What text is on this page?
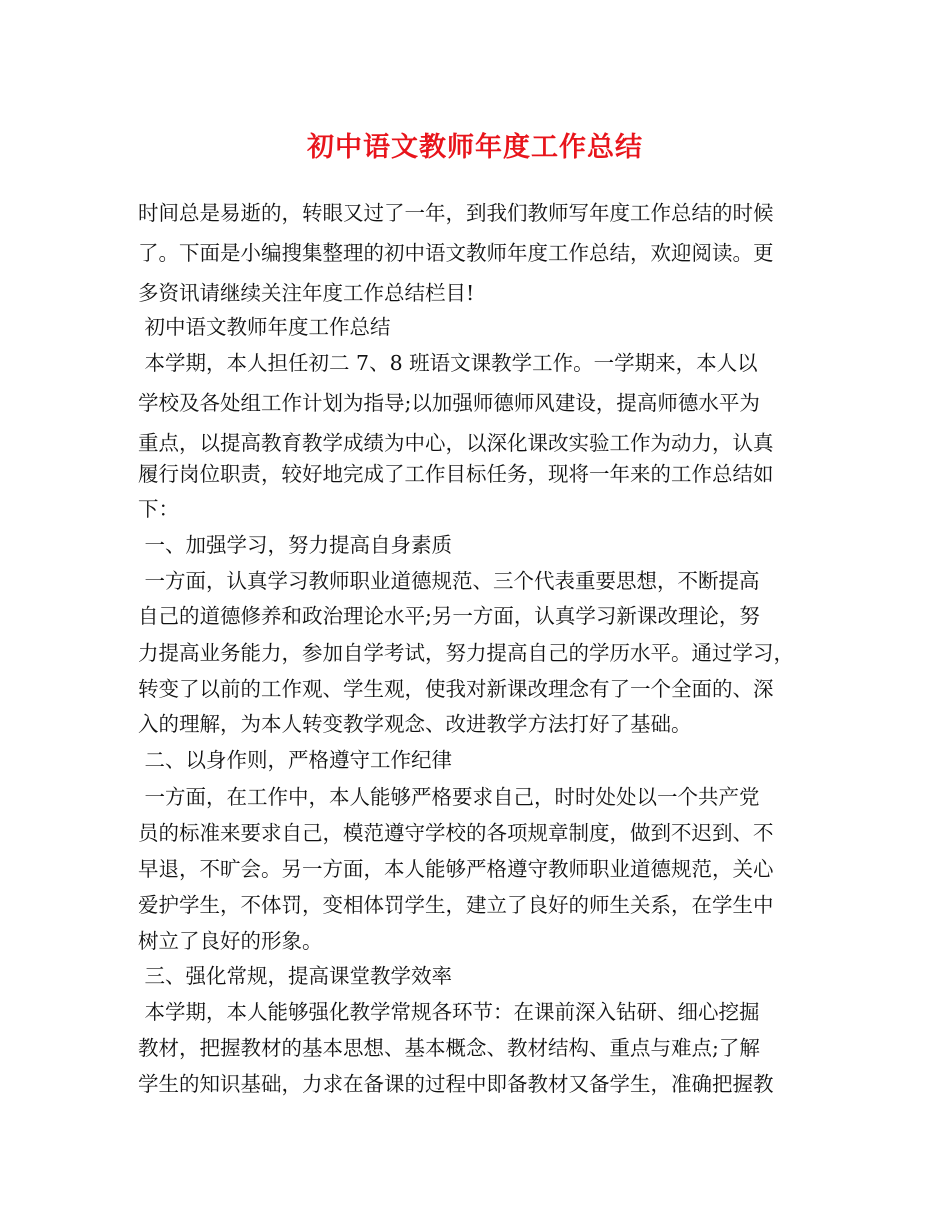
初中语文教师年度工作总结
时间总是易逝的，转眼又过了一年，到我们教师写年度工作总结的时候
了。下面是小编搜集整理的初中语文教师年度工作总结，欢迎阅读。更
多资讯请继续关注年度工作总结栏目!
初中语文教师年度工作总结
本学期，本人担任初二 7、8 班语文课教学工作。一学期来，本人以
学校及各处组工作计划为指导;以加强师德师风建设，提高师德水平为
重点，以提高教育教学成绩为中心，以深化课改实验工作为动力，认真
履行岗位职责，较好地完成了工作目标任务，现将一年来的工作总结如
下：
一、加强学习，努力提高自身素质
一方面，认真学习教师职业道德规范、三个代表重要思想，不断提高
自己的道德修养和政治理论水平;另一方面，认真学习新课改理论，努
力提高业务能力，参加自学考试，努力提高自己的学历水平。通过学习，
转变了以前的工作观、学生观，使我对新课改理念有了一个全面的、深
入的理解，为本人转变教学观念、改进教学方法打好了基础。
二、以身作则，严格遵守工作纪律
一方面，在工作中，本人能够严格要求自己，时时处处以一个共产党
员的标准来要求自己，模范遵守学校的各项规章制度，做到不迟到、不
早退，不旷会。另一方面，本人能够严格遵守教师职业道德规范，关心
爱护学生，不体罚，变相体罚学生，建立了良好的师生关系，在学生中
树立了良好的形象。
三、强化常规，提高课堂教学效率
本学期，本人能够强化教学常规各环节：在课前深入钻研、细心挖掘
教材，把握教材的基本思想、基本概念、教材结构、重点与难点;了解
学生的知识基础，力求在备课的过程中即备教材又备学生，准确把握教
